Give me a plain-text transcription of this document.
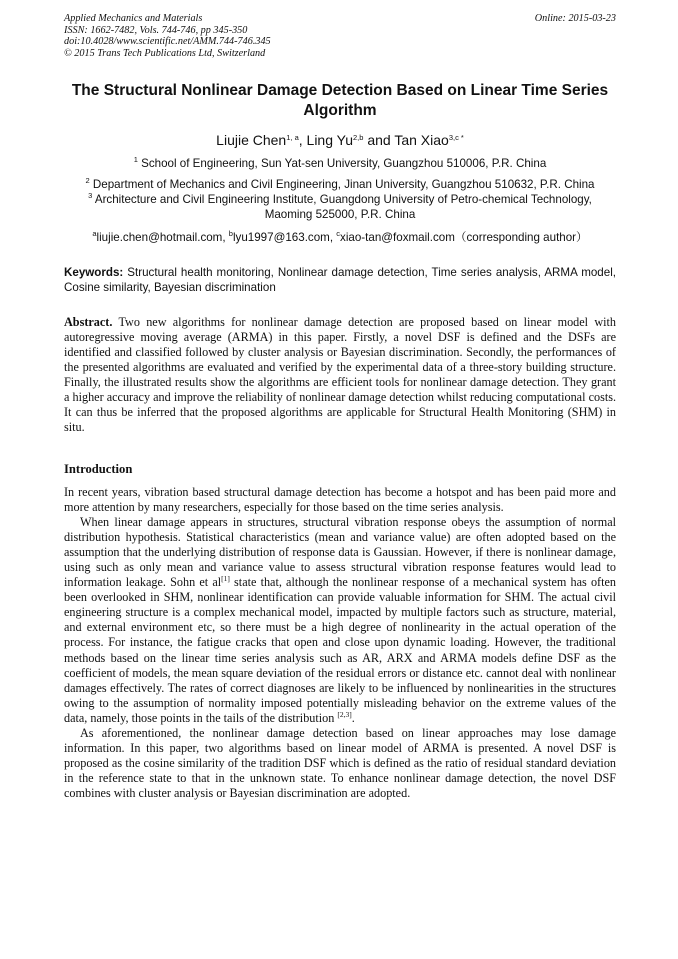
Applied Mechanics and Materials
ISSN: 1662-7482, Vols. 744-746, pp 345-350
doi:10.4028/www.scientific.net/AMM.744-746.345
© 2015 Trans Tech Publications Ltd, Switzerland
Online: 2015-03-23
The Structural Nonlinear Damage Detection Based on Linear Time Series Algorithm
Liujie Chen$^{1, a}$, Ling Yu$^{2,b}$ and Tan Xiao$^{3,c *}$
$^1$ School of Engineering, Sun Yat-sen University, Guangzhou 510006, P.R. China
$^2$ Department of Mechanics and Civil Engineering, Jinan University, Guangzhou 510632, P.R. China
$^3$ Architecture and Civil Engineering Institute, Guangdong University of Petro-chemical Technology, Maoming 525000, P.R. China
$^a$liujie.chen@hotmail.com, $^b$lyu1997@163.com, $^c$xiao-tan@foxmail.com（corresponding author）
Keywords: Structural health monitoring, Nonlinear damage detection, Time series analysis, ARMA model, Cosine similarity, Bayesian discrimination
Abstract. Two new algorithms for nonlinear damage detection are proposed based on linear model with autoregressive moving average (ARMA) in this paper. Firstly, a novel DSF is defined and the DSFs are identified and classified followed by cluster analysis or Bayesian discrimination. Secondly, the performances of the presented algorithms are evaluated and verified by the experimental data of a three-story building structure. Finally, the illustrated results show the algorithms are efficient tools for nonlinear damage detection. They grant a higher accuracy and improve the reliability of nonlinear damage detection whilst reducing computational costs. It can thus be inferred that the proposed algorithms are applicable for Structural Health Monitoring (SHM) in situ.
Introduction

In recent years, vibration based structural damage detection has become a hotspot and has been paid more and more attention by many researchers, especially for those based on the time series analysis.

When linear damage appears in structures, structural vibration response obeys the assumption of normal distribution hypothesis. Statistical characteristics (mean and variance value) are often adopted based on the assumption that the underlying distribution of response data is Gaussian. However, if there is nonlinear damage, using such as only mean and variance value to assess structural vibration response features would lead to information leakage. Sohn et al[1] state that, although the nonlinear response of a mechanical system has often been overlooked in SHM, nonlinear identification can provide valuable information for SHM. The actual civil engineering structure is a complex mechanical model, impacted by multiple factors such as structure, material, and external environment etc, so there must be a high degree of nonlinearity in the actual operation of the process. For instance, the fatigue cracks that open and close upon dynamic loading. However, the traditional methods based on the linear time series analysis such as AR, ARX and ARMA models define DSF as the coefficient of models, the mean square deviation of the residual errors or distance etc. cannot deal with nonlinear damages effectively. The rates of correct diagnoses are likely to be influenced by nonlinearities in the structures owing to the assumption of normality imposed potentially misleading behavior on the extreme values of the data, namely, those points in the tails of the distribution [2,3].

As aforementioned, the nonlinear damage detection based on linear approaches may lose damage information. In this paper, two algorithms based on linear model of ARMA is presented. A novel DSF is proposed as the cosine similarity of the tradition DSF which is defined as the ratio of residual standard deviation in the reference state to that in the unknown state. To enhance nonlinear damage detection, the novel DSF combines with cluster analysis or Bayesian discrimination are adopted.
